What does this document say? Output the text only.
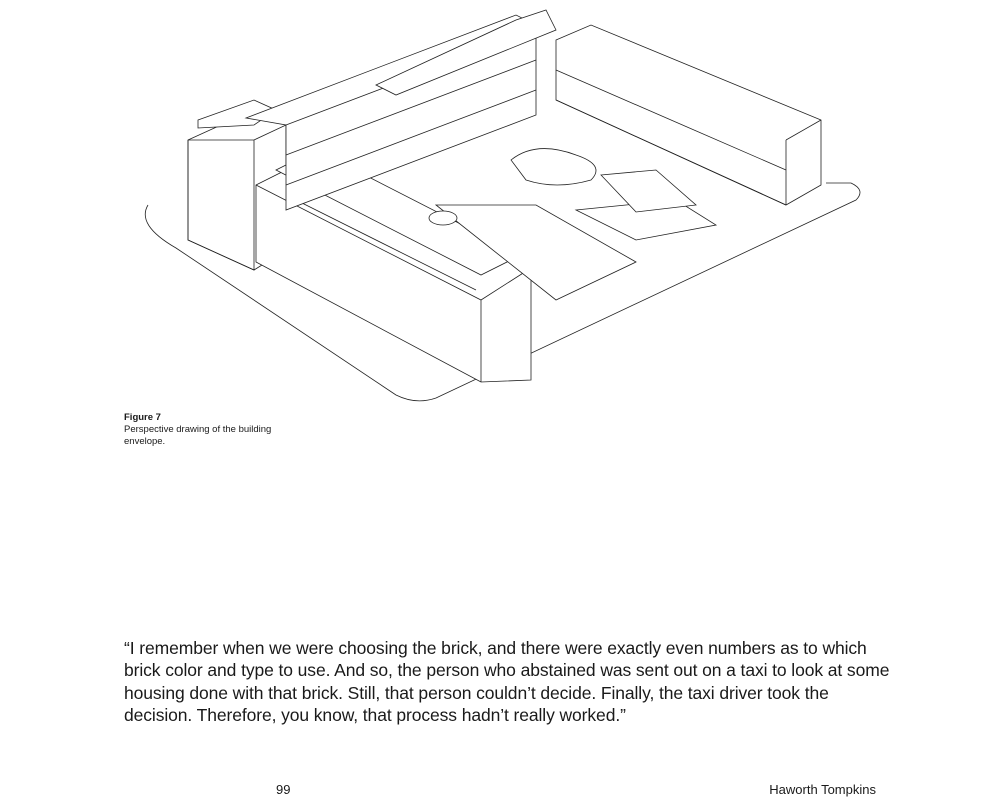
Figure 7
Perspective drawing of the building envelope.
“I remember when we were choosing the brick, and there were exactly even numbers as to which brick color and type to use. And so, the person who abstained was sent out on a taxi to look at some housing done with that brick. Still, that person couldn’t decide. Finally, the taxi driver took the decision. Therefore, you know, that process hadn’t really worked.”
99	Haworth Tompkins
